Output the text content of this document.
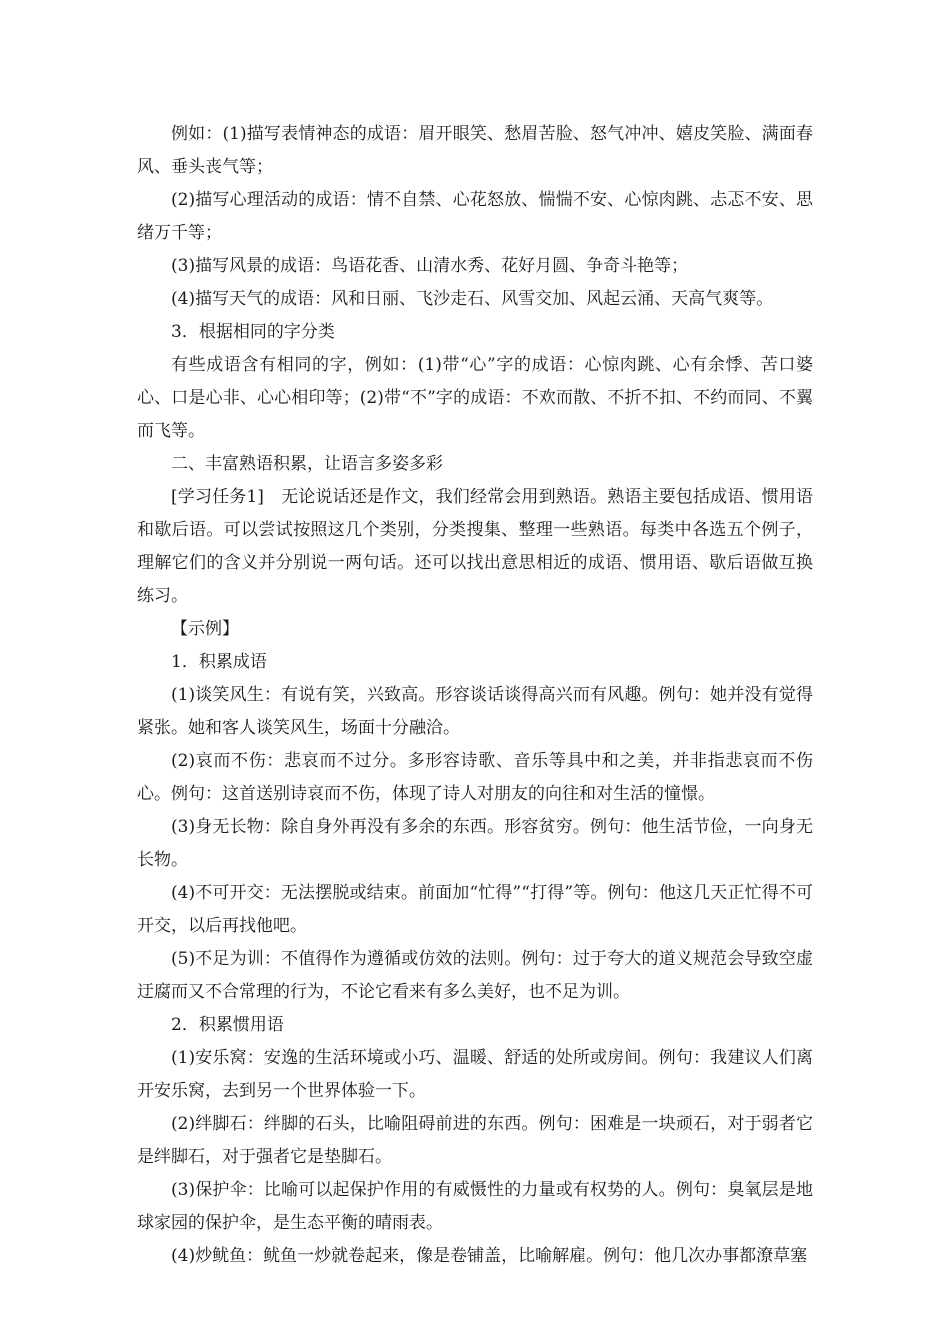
例如：(1)描写表情神态的成语：眉开眼笑、愁眉苦脸、怒气冲冲、嬉皮笑脸、满面春风、垂头丧气等；

(2)描写心理活动的成语：情不自禁、心花怒放、惴惴不安、心惊肉跳、忐忑不安、思绪万千等；

(3)描写风景的成语：鸟语花香、山清水秀、花好月圆、争奇斗艳等；

(4)描写天气的成语：风和日丽、飞沙走石、风雪交加、风起云涌、天高气爽等。

3．根据相同的字分类

有些成语含有相同的字，例如：(1)带“心”字的成语：心惊肉跳、心有余悸、苦口婆心、口是心非、心心相印等；(2)带“不”字的成语：不欢而散、不折不扣、不约而同、不翼而飞等。

二、丰富熟语积累，让语言多姿多彩

[学习任务1]　无论说话还是作文，我们经常会用到熟语。熟语主要包括成语、惯用语和歇后语。可以尝试按照这几个类别，分类搜集、整理一些熟语。每类中各选五个例子，理解它们的含义并分别说一两句话。还可以找出意思相近的成语、惯用语、歇后语做互换练习。

【示例】

1．积累成语

(1)谈笑风生：有说有笑，兴致高。形容谈话谈得高兴而有风趣。例句：她并没有觉得紧张。她和客人谈笑风生，场面十分融洽。

(2)哀而不伤：悲哀而不过分。多形容诗歌、音乐等具中和之美，并非指悲哀而不伤心。例句：这首送别诗哀而不伤，体现了诗人对朋友的向往和对生活的憧憬。

(3)身无长物：除自身外再没有多余的东西。形容贫穷。例句：他生活节俭，一向身无长物。

(4)不可开交：无法摆脱或结束。前面加“忙得”“打得”等。例句：他这几天正忙得不可开交，以后再找他吧。

(5)不足为训：不值得作为遵循或仿效的法则。例句：过于夸大的道义规范会导致空虚迂腐而又不合常理的行为，不论它看来有多么美好，也不足为训。

2．积累惯用语

(1)安乐窝：安逸的生活环境或小巧、温暖、舒适的处所或房间。例句：我建议人们离开安乐窝，去到另一个世界体验一下。

(2)绊脚石：绊脚的石头，比喻阻碍前进的东西。例句：困难是一块顽石，对于弱者它是绊脚石，对于强者它是垫脚石。

(3)保护伞：比喻可以起保护作用的有威慑性的力量或有权势的人。例句：臭氧层是地球家园的保护伞，是生态平衡的晴雨表。

(4)炒鱿鱼：鱿鱼一炒就卷起来，像是卷铺盖，比喻解雇。例句：他几次办事都潦草塞
